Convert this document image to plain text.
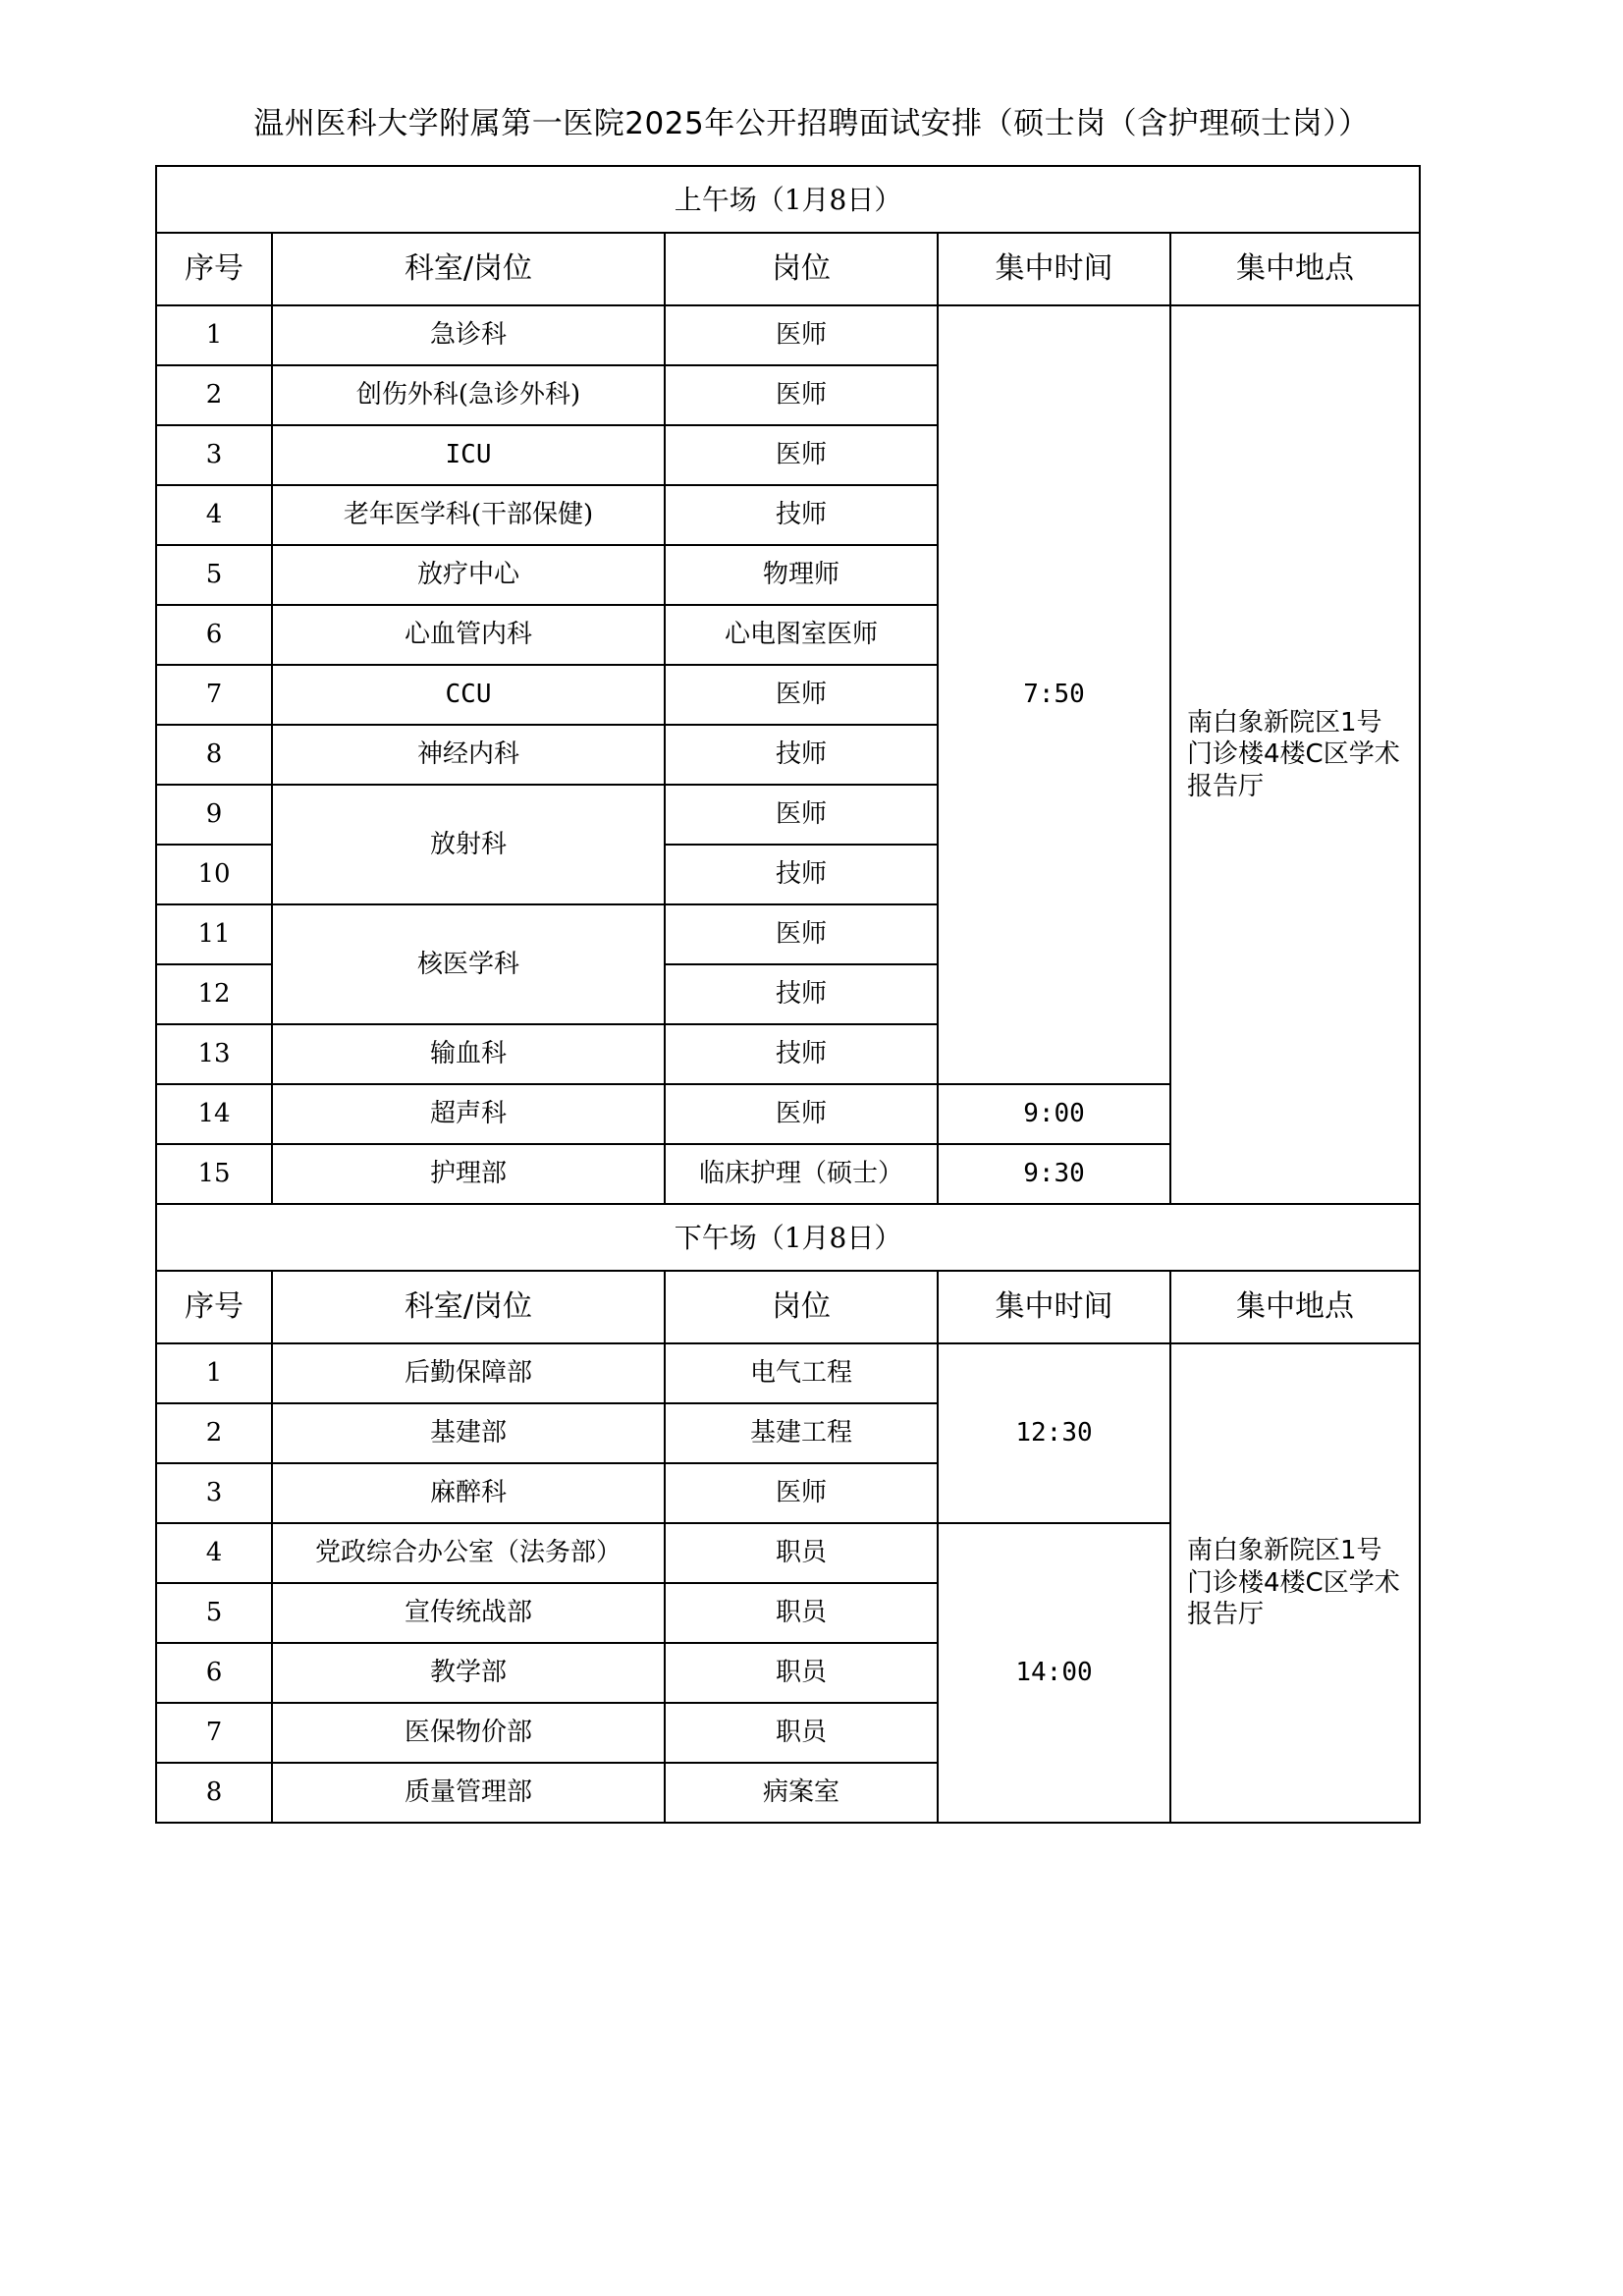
温州医科大学附属第一医院2025年公开招聘面试安排（硕士岗（含护理硕士岗））
上午场（1月8日）				
序号	科室/岗位	岗位	集中时间	集中地点
1	急诊科	医师	7:50	南白象新院区1号门诊楼4楼C区学术报告厅
2	创伤外科(急诊外科)	医师		
3	ICU	医师		
4	老年医学科(干部保健)	技师		
5	放疗中心	物理师		
6	心血管内科	心电图室医师		
7	CCU	医师		
8	神经内科	技师		
9	放射科	医师		
10		技师		
11	核医学科	医师		
12		技师		
13	输血科	技师		
14	超声科	医师	9:00	
15	护理部	临床护理（硕士）	9:30	
下午场（1月8日）				
序号	科室/岗位	岗位	集中时间	集中地点
1	后勤保障部	电气工程	12:30	南白象新院区1号门诊楼4楼C区学术报告厅
2	基建部	基建工程		
3	麻醉科	医师		
4	党政综合办公室（法务部）	职员	14:00	
5	宣传统战部	职员		
6	教学部	职员		
7	医保物价部	职员		
8	质量管理部	病案室		
